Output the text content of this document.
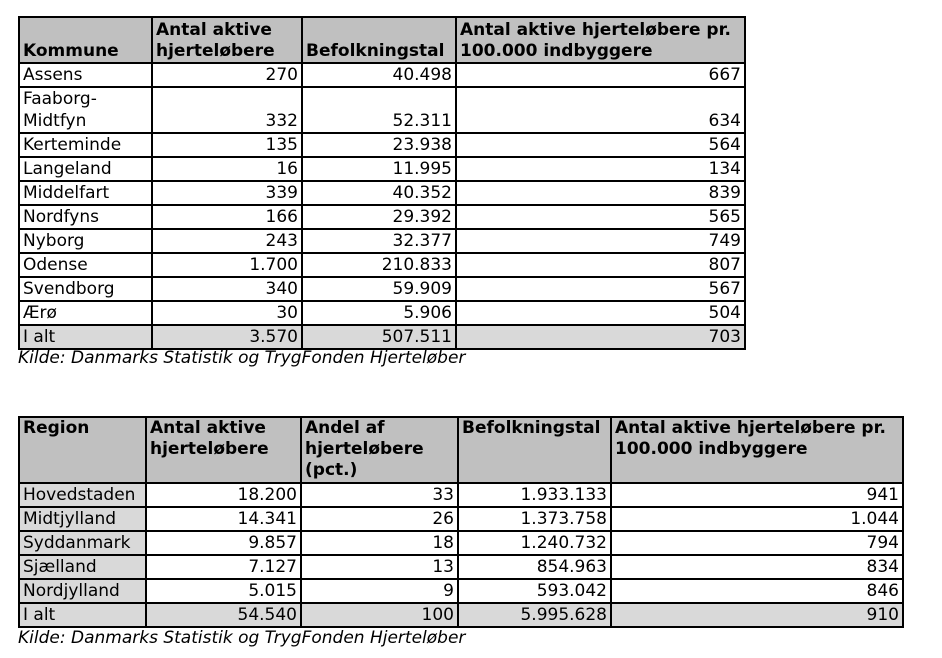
Kommune	Antal aktive hjerteløbere	Befolkningstal	Antal aktive hjerteløbere pr. 100.000 indbyggere
Assens	270	40.498	667
Faaborg-Midtfyn	332	52.311	634
Kerteminde	135	23.938	564
Langeland	16	11.995	134
Middelfart	339	40.352	839
Nordfyns	166	29.392	565
Nyborg	243	32.377	749
Odense	1.700	210.833	807
Svendborg	340	59.909	567
Ærø	30	5.906	504
I alt	3.570	507.511	703
Kilde: Danmarks Statistik og TrygFonden Hjerteløber
Region	Antal aktive hjerteløbere	Andel af hjerteløbere (pct.)	Befolkningstal	Antal aktive hjerteløbere pr. 100.000 indbyggere
Hovedstaden	18.200	33	1.933.133	941
Midtjylland	14.341	26	1.373.758	1.044
Syddanmark	9.857	18	1.240.732	794
Sjælland	7.127	13	854.963	834
Nordjylland	5.015	9	593.042	846
I alt	54.540	100	5.995.628	910
Kilde: Danmarks Statistik og TrygFonden Hjerteløber
